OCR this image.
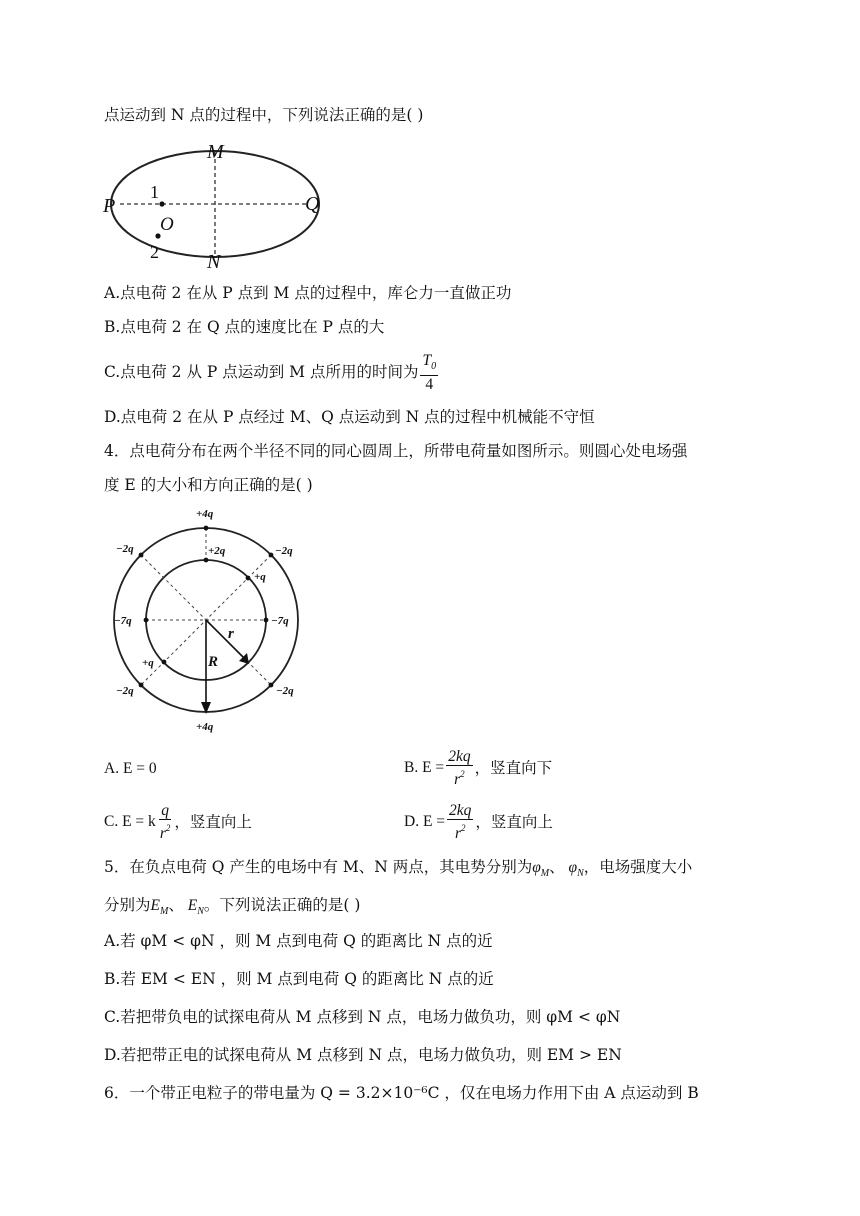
点运动到 N 点的过程中，下列说法正确的是( )
M
N
P	Q
O
1
2
A.点电荷 2 在从 P 点到 M 点的过程中，库仑力一直做正功
B.点电荷 2 在 Q 点的速度比在 P 点的大
C.点电荷 2 从 P 点运动到 M 点所用的时间为 $\frac{T_0}{4}$
D.点电荷 2 在从 P 点经过 M、Q 点运动到 N 点的过程中机械能不守恒
4．点电荷分布在两个半径不同的同心圆周上，所带电荷量如图所示。则圆心处电场强
度 E 的大小和方向正确的是( )
+4q
+2q
−2q	−2q
+q
−7q	−7q
+q
−2q	−2q
+4q
r
R
A. E = 0	B. $E = \frac{2kq}{r^2}$ ，竖直向下
C. E = k $\frac{q}{r^2}$ ，竖直向上	D. $E = \frac{2kq}{r^2}$ ，竖直向上
5．在负点电荷 Q 产生的电场中有 M、N 两点，其电势分别为$\varphi_M$、 $\varphi_N$，电场强度大小
分别为$E_M$、 $E_N$。下列说法正确的是( )
A.若 φM < φN ，则 M 点到电荷 Q 的距离比 N 点的近
B.若 EM < EN ，则 M 点到电荷 Q 的距离比 N 点的近
C.若把带负电的试探电荷从 M 点移到 N 点，电场力做负功，则 φM < φN
D.若把带正电的试探电荷从 M 点移到 N 点，电场力做负功，则 EM > EN
6．一个带正电粒子的带电量为 Q = 3.2×10⁻⁶C ，仅在电场力作用下由 A 点运动到 B
